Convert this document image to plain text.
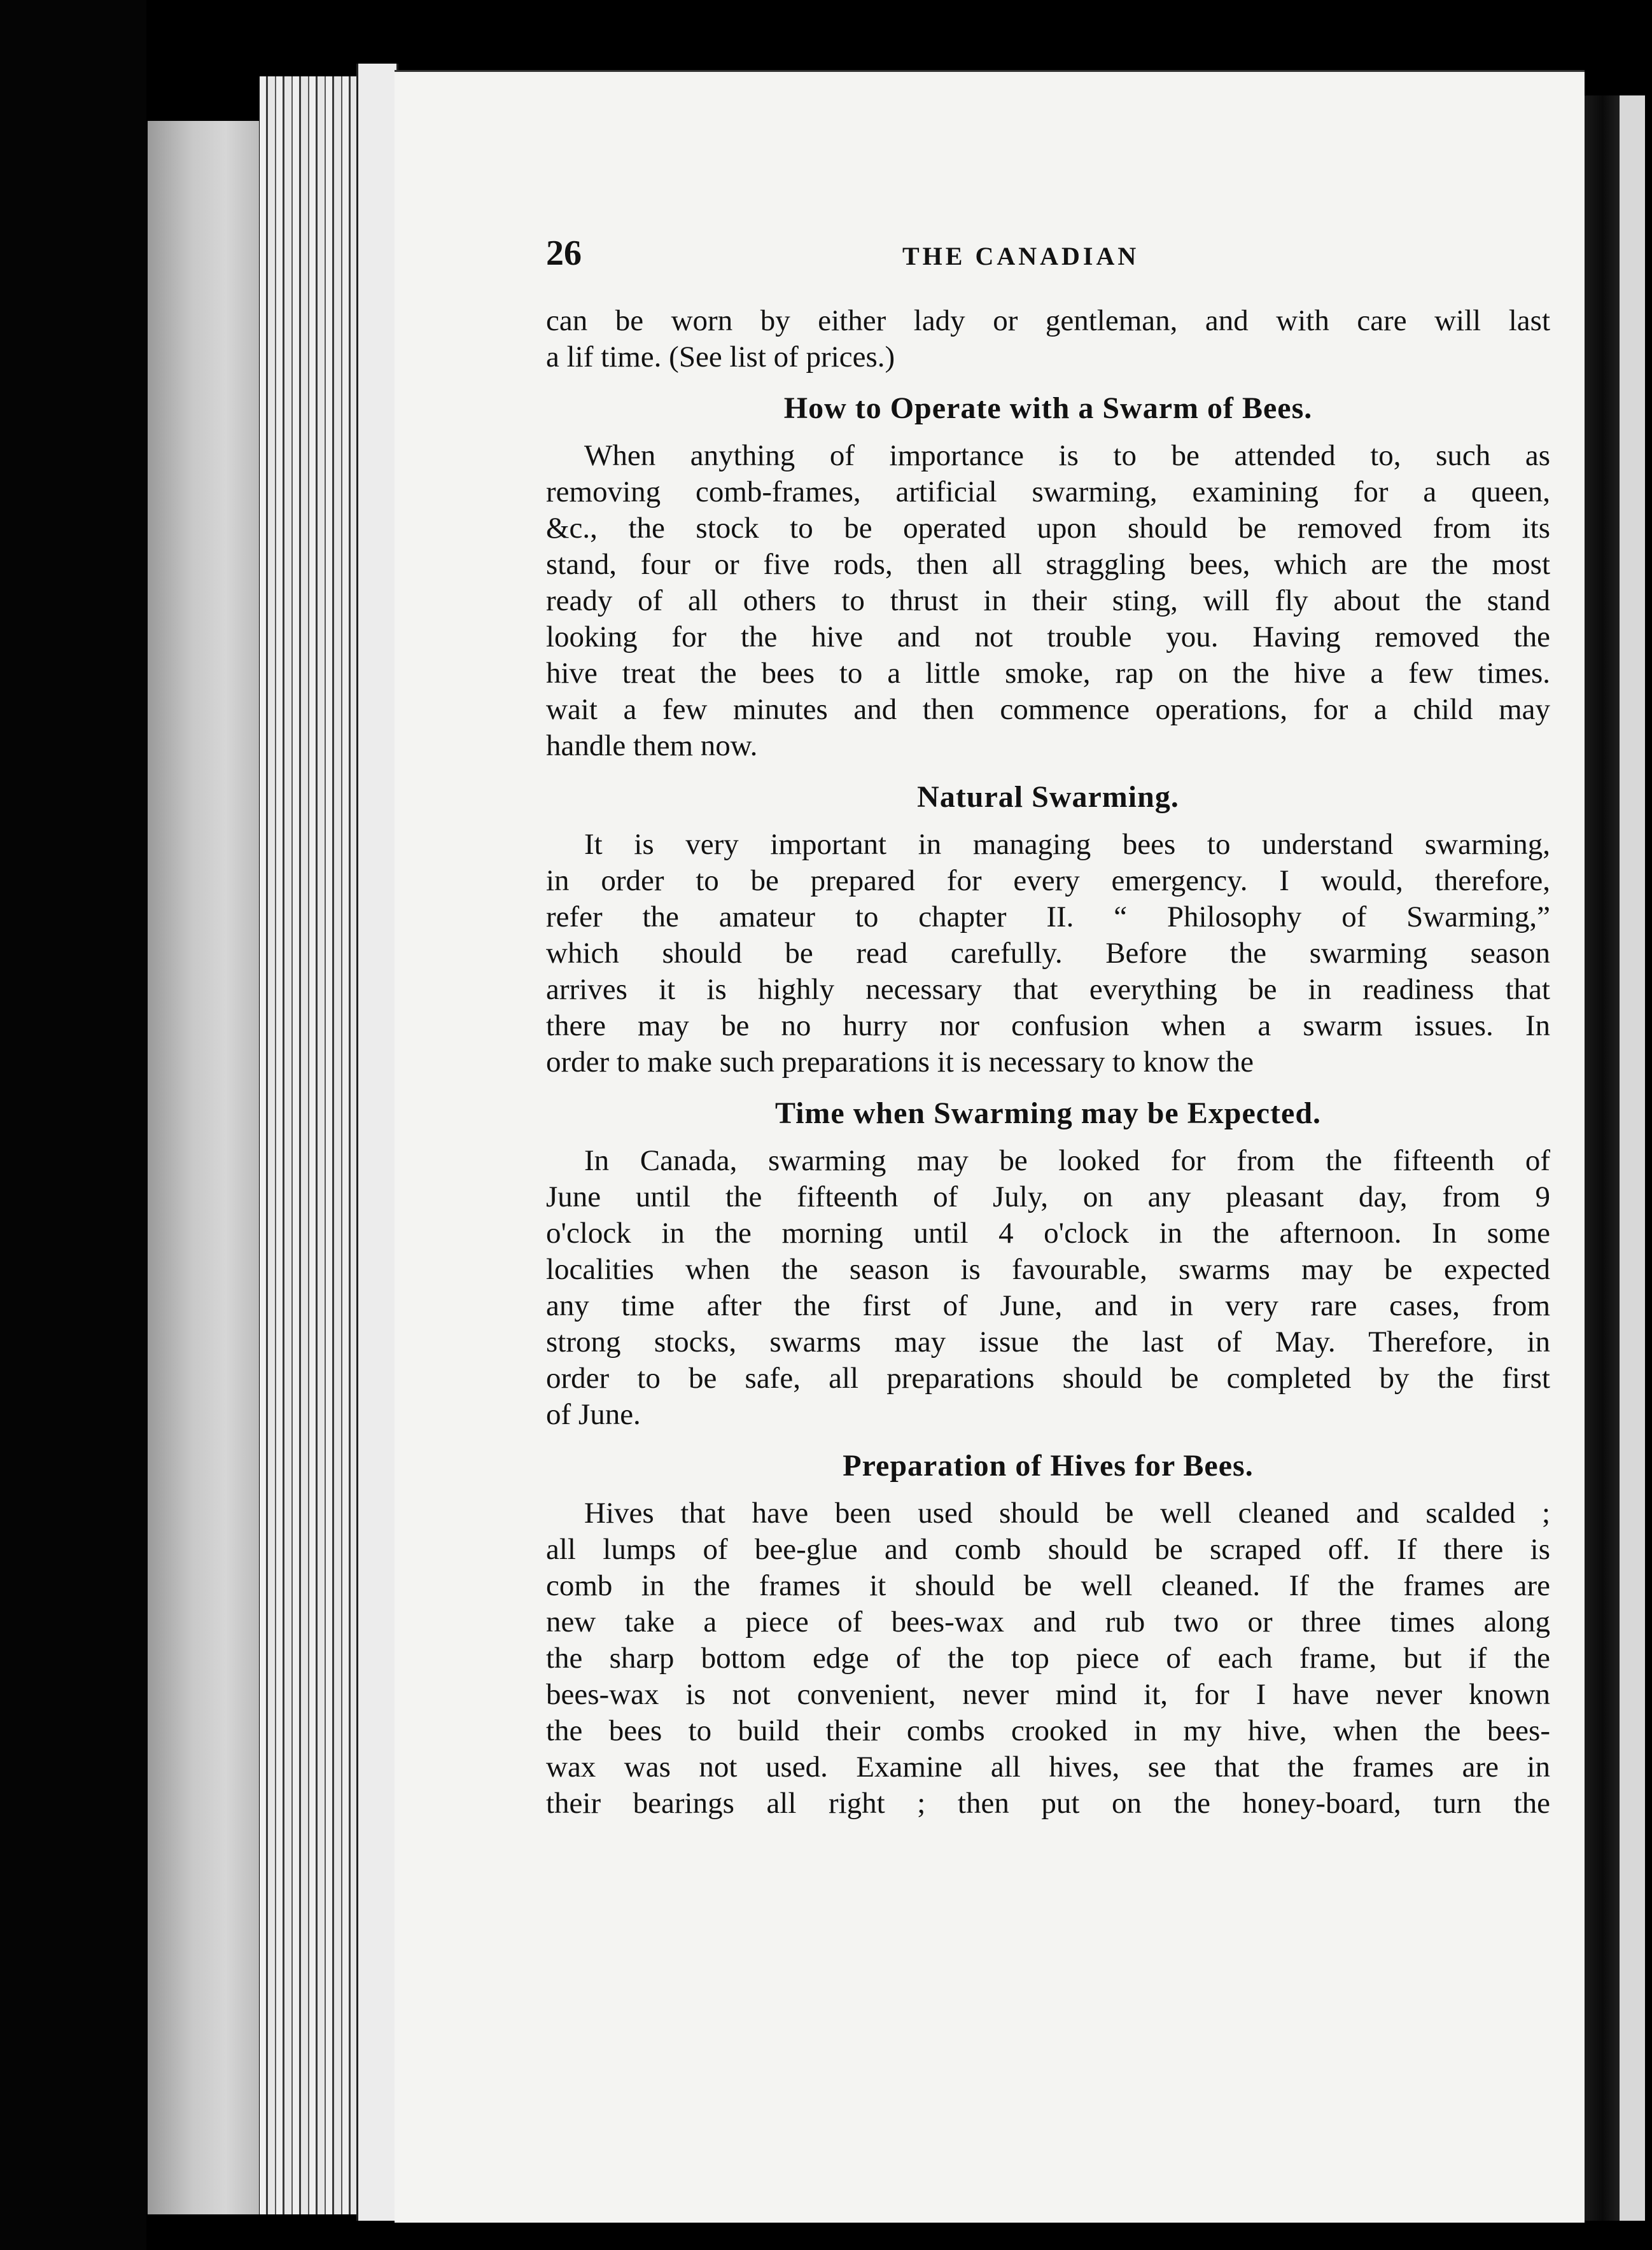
26	THE CANADIAN
can be worn by either lady or gentleman, and with care will last
a lif time. (See list of prices.)
How to Operate with a Swarm of Bees.
When anything of importance is to be attended to, such as
removing comb-frames, artificial swarming, examining for a queen,
&c., the stock to be operated upon should be removed from its
stand, four or five rods, then all straggling bees, which are the most
ready of all others to thrust in their sting, will fly about the stand
looking for the hive and not trouble you. Having removed the
hive treat the bees to a little smoke, rap on the hive a few times.
wait a few minutes and then commence operations, for a child may
handle them now.
Natural Swarming.
It is very important in managing bees to understand swarming,
in order to be prepared for every emergency. I would, therefore,
refer the amateur to chapter II. “ Philosophy of Swarming,”
which should be read carefully. Before the swarming season
arrives it is highly necessary that everything be in readiness that
there may be no hurry nor confusion when a swarm issues. In
order to make such preparations it is necessary to know the
Time when Swarming may be Expected.
In Canada, swarming may be looked for from the fifteenth of
June until the fifteenth of July, on any pleasant day, from 9
o'clock in the morning until 4 o'clock in the afternoon. In some
localities when the season is favourable, swarms may be expected
any time after the first of June, and in very rare cases, from
strong stocks, swarms may issue the last of May. Therefore, in
order to be safe, all preparations should be completed by the first
of June.
Preparation of Hives for Bees.
Hives that have been used should be well cleaned and scalded ;
all lumps of bee-glue and comb should be scraped off. If there is
comb in the frames it should be well cleaned. If the frames are
new take a piece of bees-wax and rub two or three times along
the sharp bottom edge of the top piece of each frame, but if the
bees-wax is not convenient, never mind it, for I have never known
the bees to build their combs crooked in my hive, when the bees-
wax was not used. Examine all hives, see that the frames are in
their bearings all right ; then put on the honey-board, turn the
